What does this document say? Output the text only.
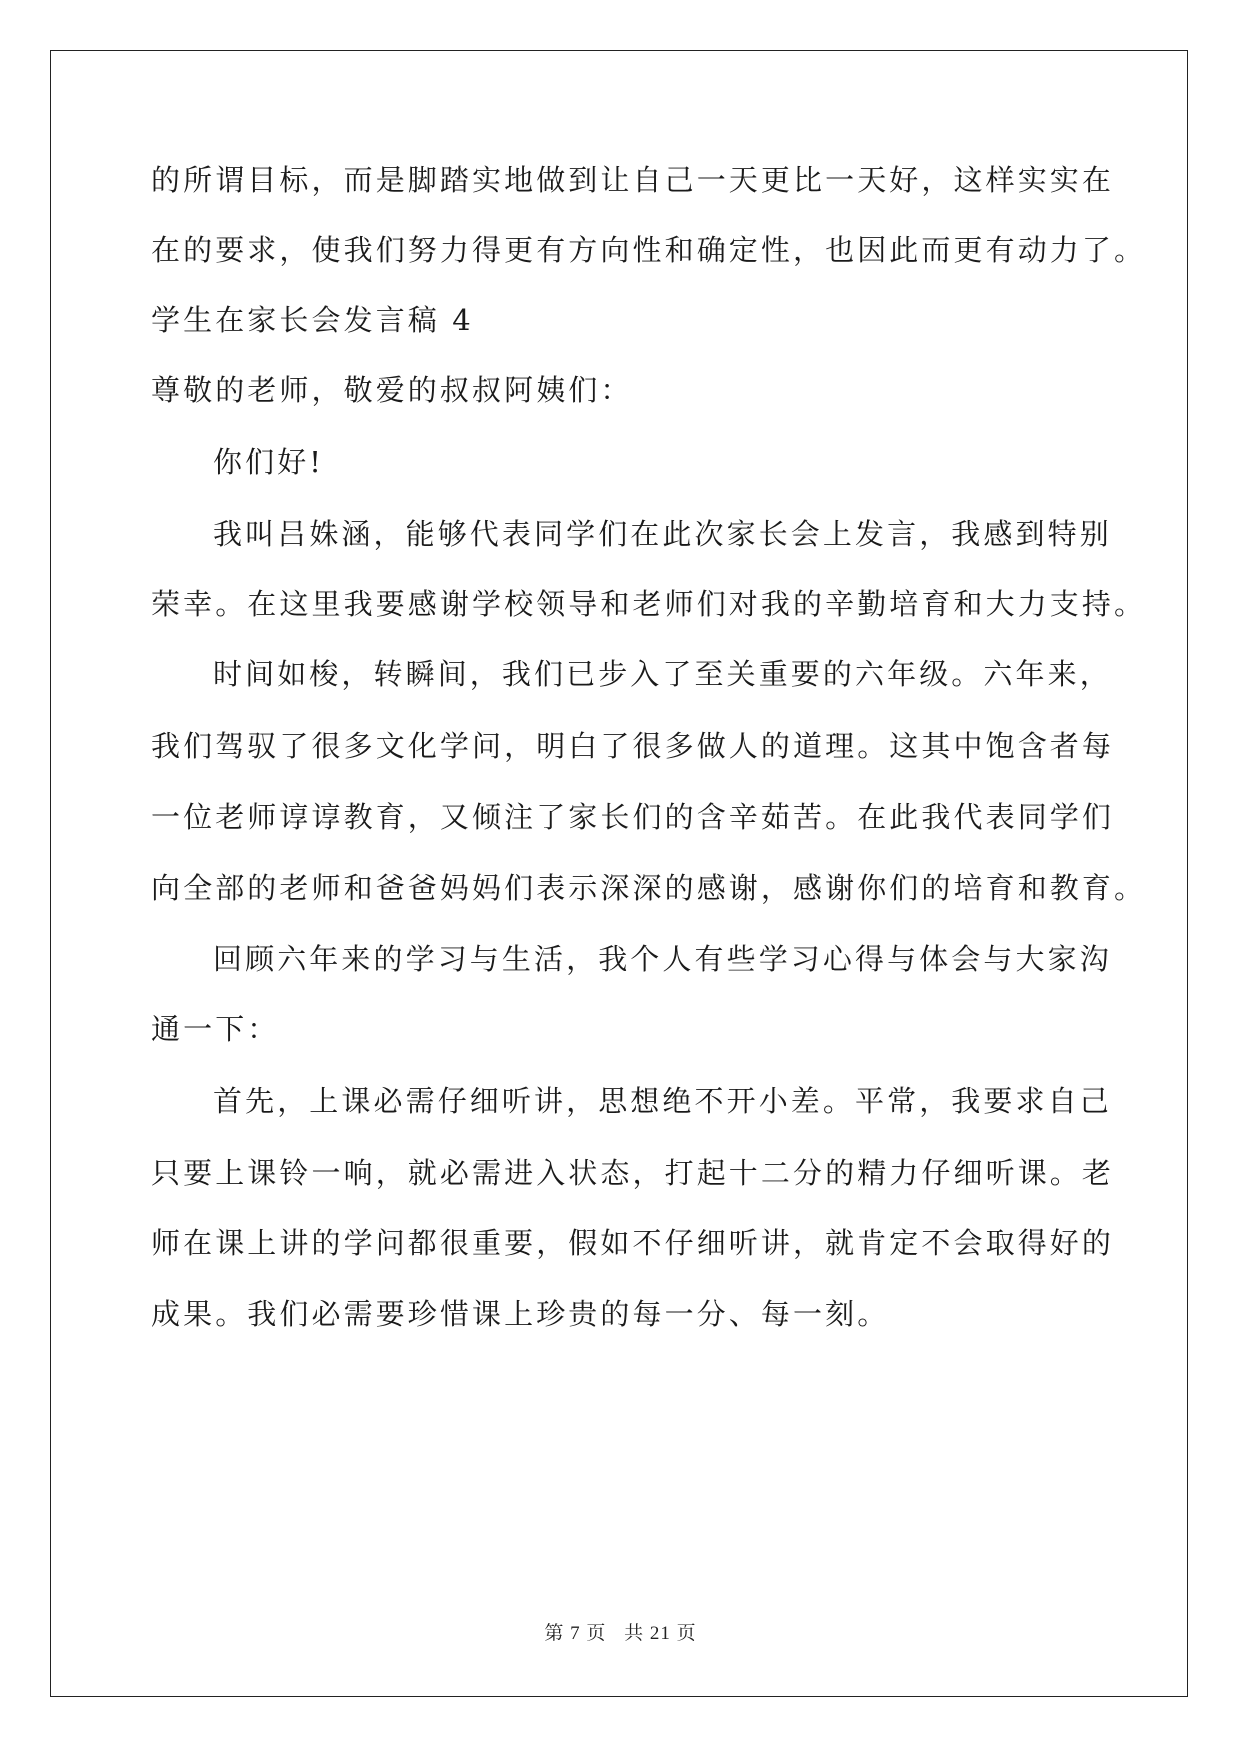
的所谓目标，而是脚踏实地做到让自己一天更比一天好，这样实实在
在的要求，使我们努力得更有方向性和确定性，也因此而更有动力了。
学生在家长会发言稿 4
尊敬的老师，敬爱的叔叔阿姨们：
你们好!
我叫吕姝涵，能够代表同学们在此次家长会上发言，我感到特别
荣幸。在这里我要感谢学校领导和老师们对我的辛勤培育和大力支持。
时间如梭，转瞬间，我们已步入了至关重要的六年级。六年来，
我们驾驭了很多文化学问，明白了很多做人的道理。这其中饱含者每
一位老师谆谆教育，又倾注了家长们的含辛茹苦。在此我代表同学们
向全部的老师和爸爸妈妈们表示深深的感谢，感谢你们的培育和教育。
回顾六年来的学习与生活，我个人有些学习心得与体会与大家沟
通一下：
首先，上课必需仔细听讲，思想绝不开小差。平常，我要求自己
只要上课铃一响，就必需进入状态，打起十二分的精力仔细听课。老
师在课上讲的学问都很重要，假如不仔细听讲，就肯定不会取得好的
成果。我们必需要珍惜课上珍贵的每一分、每一刻。
第 7 页 共 21 页
